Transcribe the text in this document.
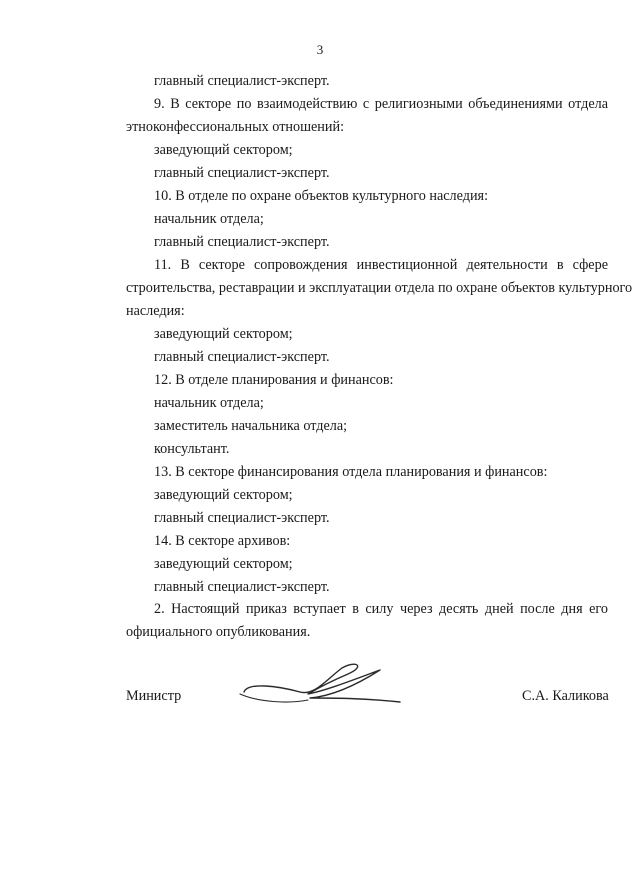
3
главный специалист-эксперт.
9. В секторе по взаимодействию с религиозными объединениями отдела
этноконфессиональных отношений:
заведующий сектором;
главный специалист-эксперт.
10. В отделе по охране объектов культурного наследия:
начальник отдела;
главный специалист-эксперт.
11. В секторе сопровождения инвестиционной деятельности в сфере
строительства, реставрации и эксплуатации отдела по охране объектов культурного
наследия:
заведующий сектором;
главный специалист-эксперт.
12. В отделе планирования и финансов:
начальник отдела;
заместитель начальника отдела;
консультант.
13. В секторе финансирования отдела планирования и финансов:
заведующий сектором;
главный специалист-эксперт.
14. В секторе архивов:
заведующий сектором;
главный специалист-эксперт.
2. Настоящий приказ вступает в силу через десять дней после дня его
официального опубликования.
Министр	С.А. Каликова
